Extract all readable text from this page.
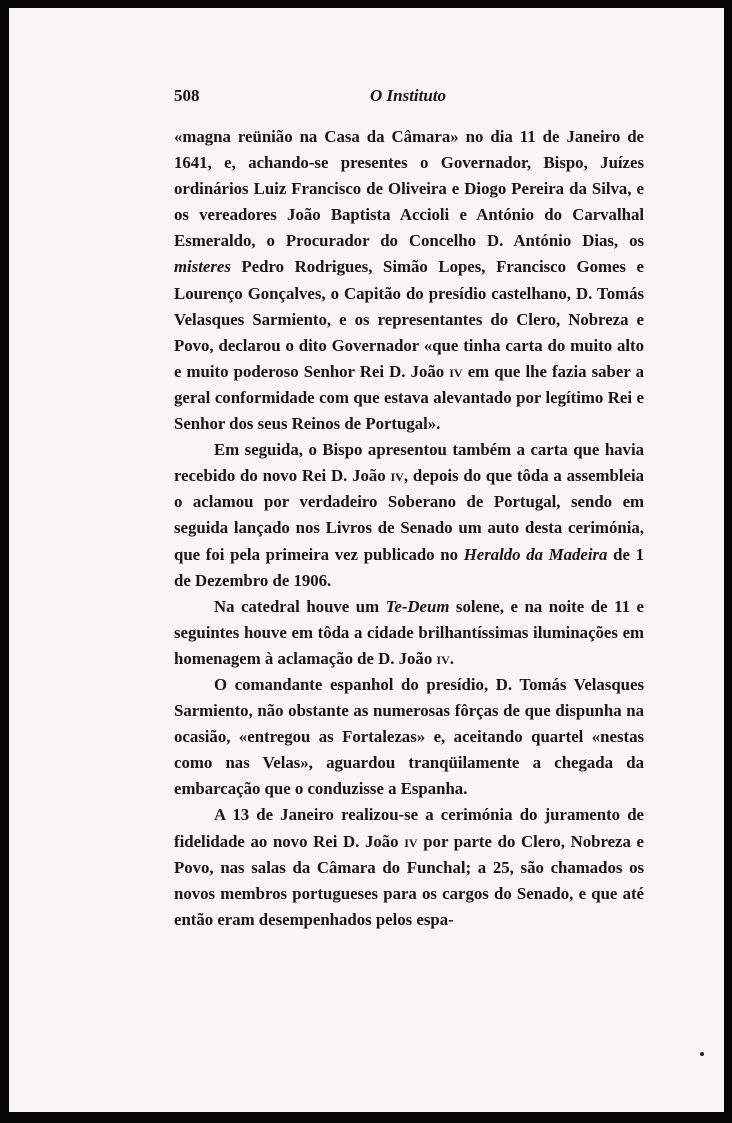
508	O Instituto

«magna reünião na Casa da Câmara» no dia 11 de Janeiro de 1641, e, achando-se presentes o Governador, Bispo, Juízes ordinários Luiz Francisco de Oliveira e Diogo Pereira da Silva, e os vereadores João Baptista Accioli e António do Carvalhal Esmeraldo, o Procurador do Concelho D. António Dias, os misteres Pedro Rodrigues, Simão Lopes, Francisco Gomes e Lourenço Gonçalves, o Capitão do presídio castelhano, D. Tomás Velasques Sarmiento, e os representantes do Clero, Nobreza e Povo, declarou o dito Governador «que tinha carta do muito alto e muito poderoso Senhor Rei D. João iv em que lhe fazia saber a geral conformidade com que estava alevantado por legítimo Rei e Senhor dos seus Reinos de Portugal».

Em seguida, o Bispo apresentou também a carta que havia recebido do novo Rei D. João iv, depois do que tôda a assembleia o aclamou por verdadeiro Soberano de Portugal, sendo em seguida lançado nos Livros de Senado um auto desta cerimónia, que foi pela primeira vez publicado no Heraldo da Madeira de 1 de Dezembro de 1906.

Na catedral houve um Te-Deum solene, e na noite de 11 e seguintes houve em tôda a cidade brilhantíssimas iluminações em homenagem à aclamação de D. João iv.

O comandante espanhol do presídio, D. Tomás Velasques Sarmiento, não obstante as numerosas fôrças de que dispunha na ocasião, «entregou as Fortalezas» e, aceitando quartel «nestas como nas Velas», aguardou tranqüilamente a chegada da embarcação que o conduzisse a Espanha.

A 13 de Janeiro realizou-se a cerimónia do juramento de fidelidade ao novo Rei D. João iv por parte do Clero, Nobreza e Povo, nas salas da Câmara do Funchal; a 25, são chamados os novos membros portugueses para os cargos do Senado, e que até então eram desempenhados pelos espa-
